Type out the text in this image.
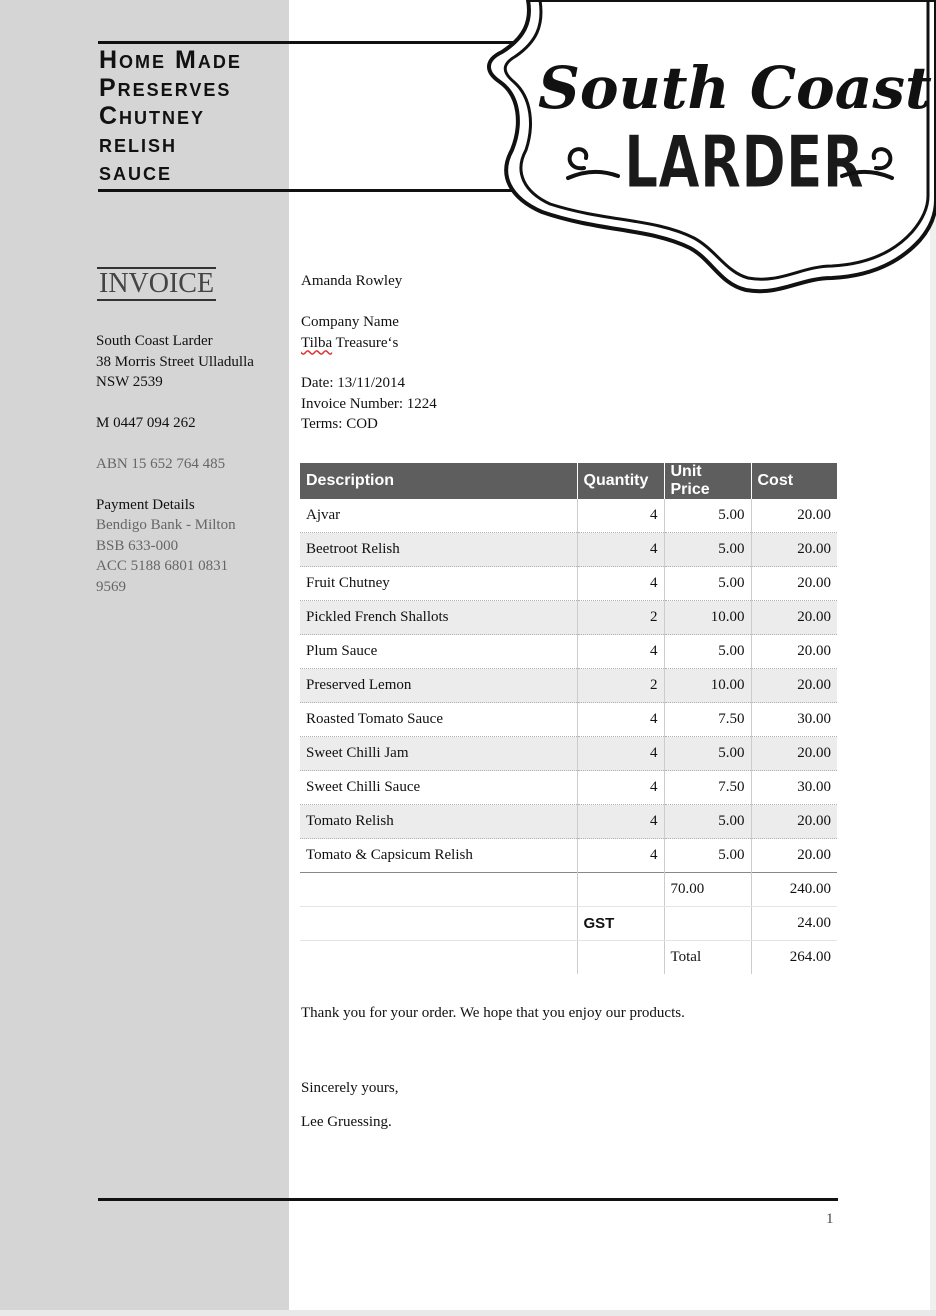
Home Made
Preserves
Chutney
relish
sauce
South Coast
LARDER
INVOICE
South Coast Larder
38 Morris Street Ulladulla
NSW 2539
M 0447 094 262
ABN 15 652 764 485
Payment Details
Bendigo Bank - Milton
BSB 633-000
ACC 5188 6801 0831
9569
Amanda Rowley
Company Name
Tilba Treasure‘s
Date: 13/11/2014
Invoice Number: 1224
Terms: COD
Description	Quantity	Unit Price	Cost
Ajvar	4	5.00	20.00
Beetroot Relish	4	5.00	20.00
Fruit Chutney	4	5.00	20.00
Pickled French Shallots	2	10.00	20.00
Plum Sauce	4	5.00	20.00
Preserved Lemon	2	10.00	20.00
Roasted Tomato Sauce	4	7.50	30.00
Sweet Chilli Jam	4	5.00	20.00
Sweet Chilli Sauce	4	7.50	30.00
Tomato Relish	4	5.00	20.00
Tomato & Capsicum Relish	4	5.00	20.00
		70.00	240.00
	GST		24.00
		Total	264.00
Thank you for your order. We hope that you enjoy our products.
Sincerely yours,
Lee Gruessing.
1
